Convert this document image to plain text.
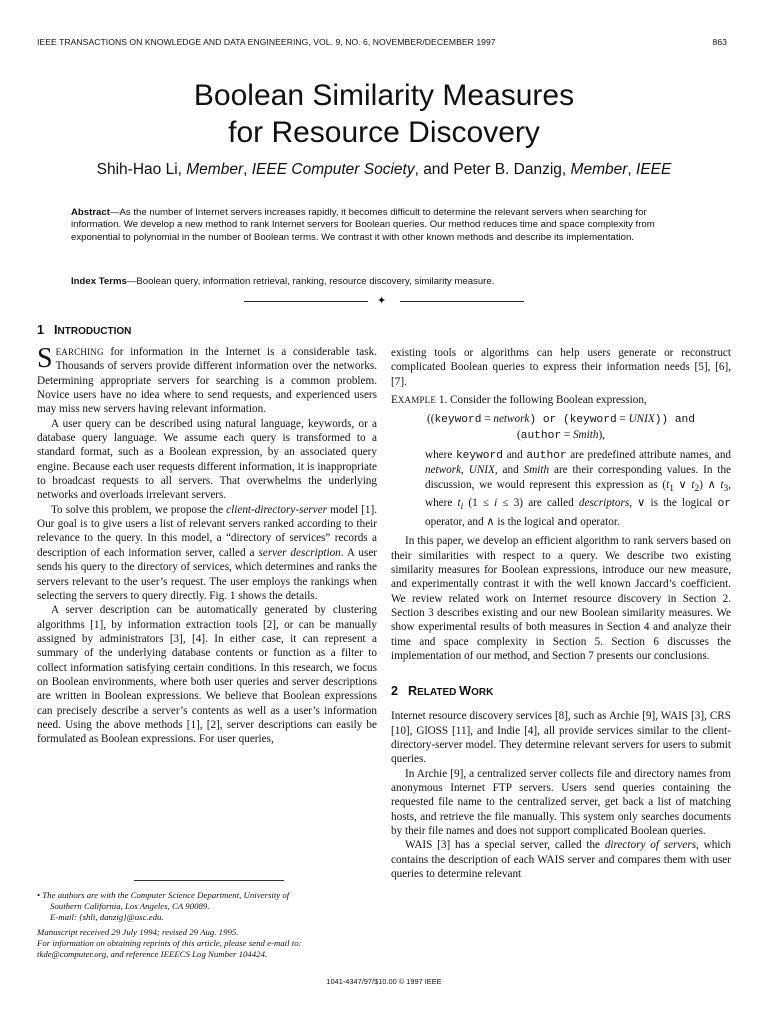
IEEE TRANSACTIONS ON KNOWLEDGE AND DATA ENGINEERING, VOL. 9, NO. 6, NOVEMBER/DECEMBER 1997	863
Boolean Similarity Measures
for Resource Discovery
Shih-Hao Li, Member, IEEE Computer Society, and Peter B. Danzig, Member, IEEE
Abstract—As the number of Internet servers increases rapidly, it becomes difficult to determine the relevant servers when searching for information. We develop a new method to rank Internet servers for Boolean queries. Our method reduces time and space complexity from exponential to polynomial in the number of Boolean terms. We contrast it with other known methods and describe its implementation.
Index Terms—Boolean query, information retrieval, ranking, resource discovery, similarity measure.
✦
1 INTRODUCTION

SEARCHING for information in the Internet is a considerable task. Thousands of servers provide different information over the networks. Determining appropriate servers for searching is a common problem. Novice users have no idea where to send requests, and experienced users may miss new servers having relevant information.

A user query can be described using natural language, keywords, or a database query language. We assume each query is transformed to a standard format, such as a Boolean expression, by an associated query engine. Because each user requests different information, it is inappropriate to broadcast requests to all servers. That overwhelms the underlying networks and overloads irrelevant servers.

To solve this problem, we propose the client-directory-server model [1]. Our goal is to give users a list of relevant servers ranked according to their relevance to the query. In this model, a “directory of services” records a description of each information server, called a server description. A user sends his query to the directory of services, which determines and ranks the servers relevant to the user’s request. The user employs the rankings when selecting the servers to query directly. Fig. 1 shows the details.

A server description can be automatically generated by clustering algorithms [1], by information extraction tools [2], or can be manually assigned by administrators [3], [4]. In either case, it can represent a summary of the underlying database contents or function as a filter to collect information satisfying certain conditions. In this research, we focus on Boolean environments, where both user queries and server descriptions are written in Boolean expressions. We believe that Boolean expressions can precisely describe a server’s contents as well as a user’s information need. Using the above methods [1], [2], server descriptions can easily be formulated as Boolean expressions. For user queries,

existing tools or algorithms can help users generate or reconstruct complicated Boolean queries to express their information needs [5], [6], [7].

EXAMPLE 1. Consider the following Boolean expression,

((keyword = network) or (keyword = UNIX)) and
(author = Smith),

where keyword and author are predefined attribute names, and network, UNIX, and Smith are their corresponding values. In the discussion, we would represent this expression as ($t_1$ ∨ $t_2$) ∧ $t_3$, where $t_i$ (1 ≤ i ≤ 3) are called descriptors, ∨ is the logical or operator, and ∧ is the logical and operator.

In this paper, we develop an efficient algorithm to rank servers based on their similarities with respect to a query. We describe two existing similarity measures for Boolean expressions, introduce our new measure, and experimentally contrast it with the well known Jaccard’s coefficient. We review related work on Internet resource discovery in Section 2. Section 3 describes existing and our new Boolean similarity measures. We show experimental results of both measures in Section 4 and analyze their time and space complexity in Section 5. Section 6 discusses the implementation of our method, and Section 7 presents our conclusions.

2 RELATED WORK

Internet resource discovery services [8], such as Archie [9], WAIS [3], CRS [10], GlOSS [11], and Indie [4], all provide services similar to the client-directory-server model. They determine relevant servers for users to submit queries.

In Archie [9], a centralized server collects file and directory names from anonymous Internet FTP servers. Users send queries containing the requested file name to the centralized server, get back a list of matching hosts, and retrieve the file manually. This system only searches documents by their file names and does not support complicated Boolean queries.

WAIS [3] has a special server, called the directory of servers, which contains the description of each WAIS server and compares them with user queries to determine relevant

• The authors are with the Computer Science Department, University of

Southern California, Los Angeles, CA 90089.

E-mail: {shli, danzig}@usc.edu.

Manuscript received 29 July 1994; revised 29 Aug. 1995.

For information on obtaining reprints of this article, please send e-mail to:

tkde@computer.org, and reference IEEECS Log Number 104424.

1041-4347/97/$10.00 © 1997 IEEE
